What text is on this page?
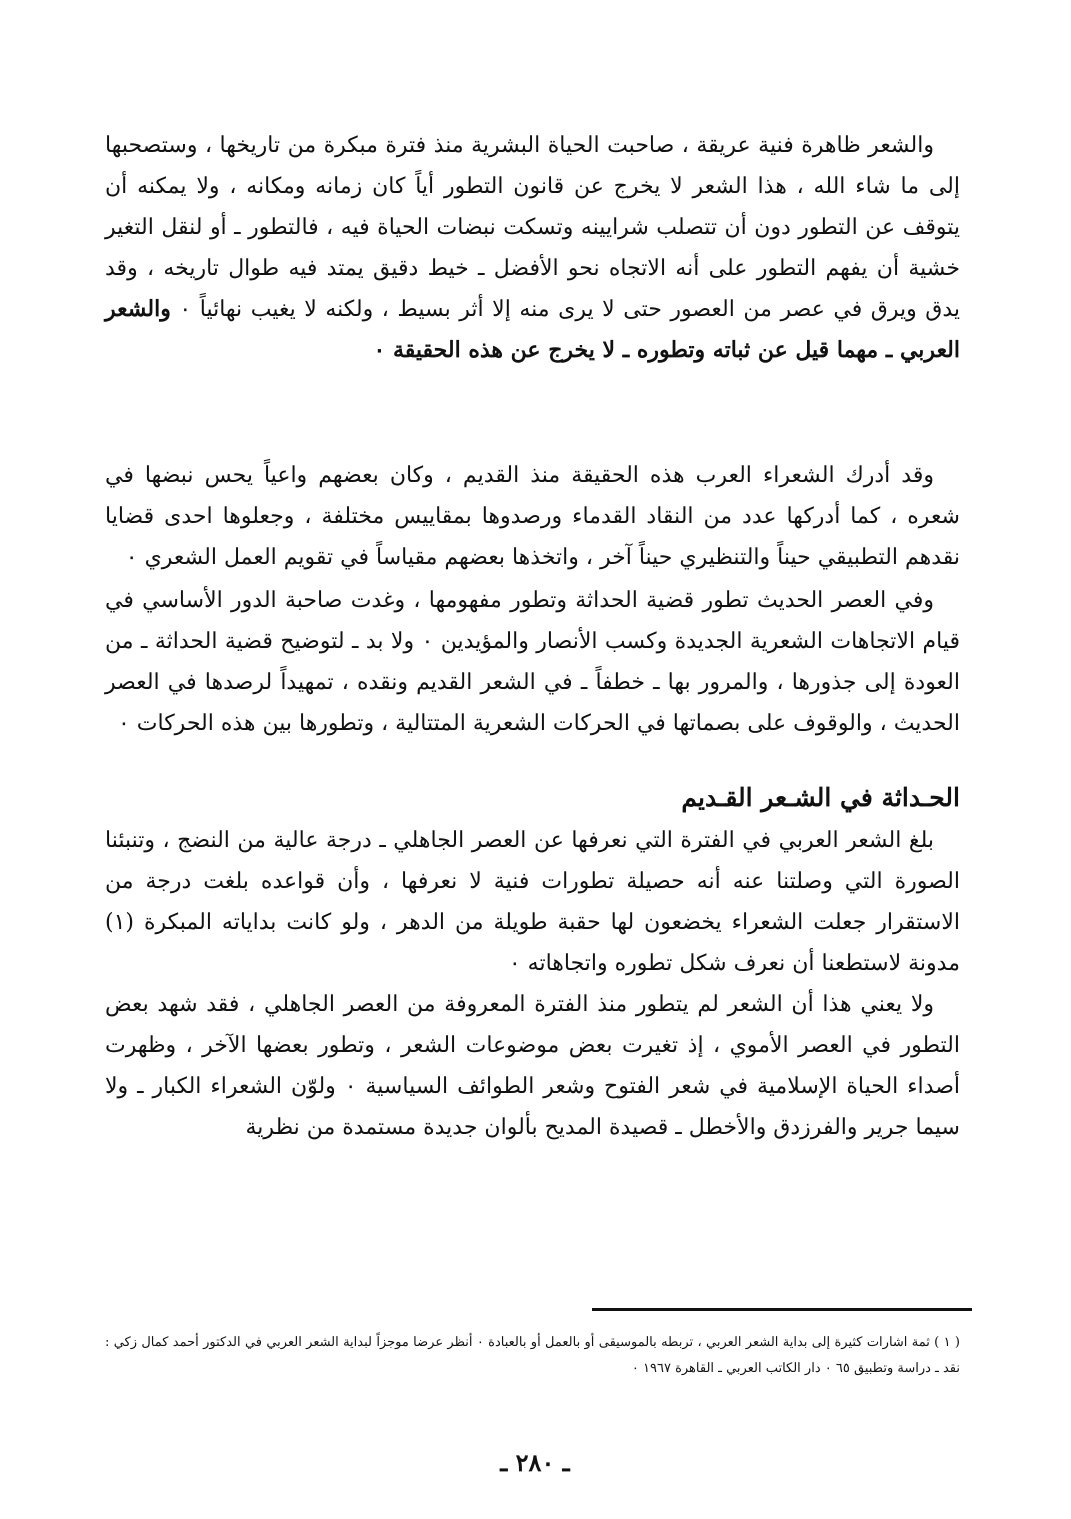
والشعر ظاهرة فنية عريقة ، صاحبت الحياة البشرية منذ فترة مبكرة من تاريخها ، وستصحبها إلى ما شاء الله ، هذا الشعر لا يخرج عن قانون التطور أياً كان زمانه ومكانه ، ولا يمكنه أن يتوقف عن التطور دون أن تتصلب شرايينه وتسكت نبضات الحياة فيه ، فالتطور ـ أو لنقل التغير خشية أن يفهم التطور على أنه الاتجاه نحو الأفضل ـ خيط دقيق يمتد فيه طوال تاريخه ، وقد يدق ويرق في عصر من العصور حتى لا يرى منه إلا أثر بسيط ، ولكنه لا يغيب نهائياً ٠ والشعر العربي ـ مهما قيل عن ثباته وتطوره ـ لا يخرج عن هذه الحقيقة ٠

وقد أدرك الشعراء العرب هذه الحقيقة منذ القديم ، وكان بعضهم واعياً يحس نبضها في شعره ، كما أدركها عدد من النقاد القدماء ورصدوها بمقاييس مختلفة ، وجعلوها احدى قضايا نقدهم التطبيقي حيناً والتنظيري حيناً آخر ، واتخذها بعضهم مقياساً في تقويم العمل الشعري ٠

وفي العصر الحديث تطور قضية الحداثة وتطور مفهومها ، وغدت صاحبة الدور الأساسي في قيام الاتجاهات الشعرية الجديدة وكسب الأنصار والمؤيدين ٠ ولا بد ـ لتوضيح قضية الحداثة ـ من العودة إلى جذورها ، والمرور بها ـ خطفاً ـ في الشعر القديم ونقده ، تمهيداً لرصدها في العصر الحديث ، والوقوف على بصماتها في الحركات الشعرية المتتالية ، وتطورها بين هذه الحركات ٠

الحـداثة في الشـعر القـديم

بلغ الشعر العربي في الفترة التي نعرفها عن العصر الجاهلي ـ درجة عالية من النضج ، وتنبئنا الصورة التي وصلتنا عنه أنه حصيلة تطورات فنية لا نعرفها ، وأن قواعده بلغت درجة من الاستقرار جعلت الشعراء يخضعون لها حقبة طويلة من الدهر ، ولو كانت بداياته المبكرة (١) مدونة لاستطعنا أن نعرف شكل تطوره واتجاهاته ٠

ولا يعني هذا أن الشعر لم يتطور منذ الفترة المعروفة من العصر الجاهلي ، فقد شهد بعض التطور في العصر الأموي ، إذ تغيرت بعض موضوعات الشعر ، وتطور بعضها الآخر ، وظهرت أصداء الحياة الإسلامية في شعر الفتوح وشعر الطوائف السياسية ٠ ولوّن الشعراء الكبار ـ ولا سيما جرير والفرزدق والأخطل ـ قصيدة المديح بألوان جديدة مستمدة من نظرية

( ١ ) ثمة اشارات كثيرة إلى بداية الشعر العربي ، تربطه بالموسيقى أو بالعمل أو بالعبادة ٠ أنظر عرضا موجزاً لبداية الشعر العربي في الدكتور أحمد كمال زكي : نقد ـ دراسة وتطبيق ٦٥ ٠ دار الكاتب العربي ـ القاهرة ١٩٦٧ ٠

ـ ٢٨٠ ـ
